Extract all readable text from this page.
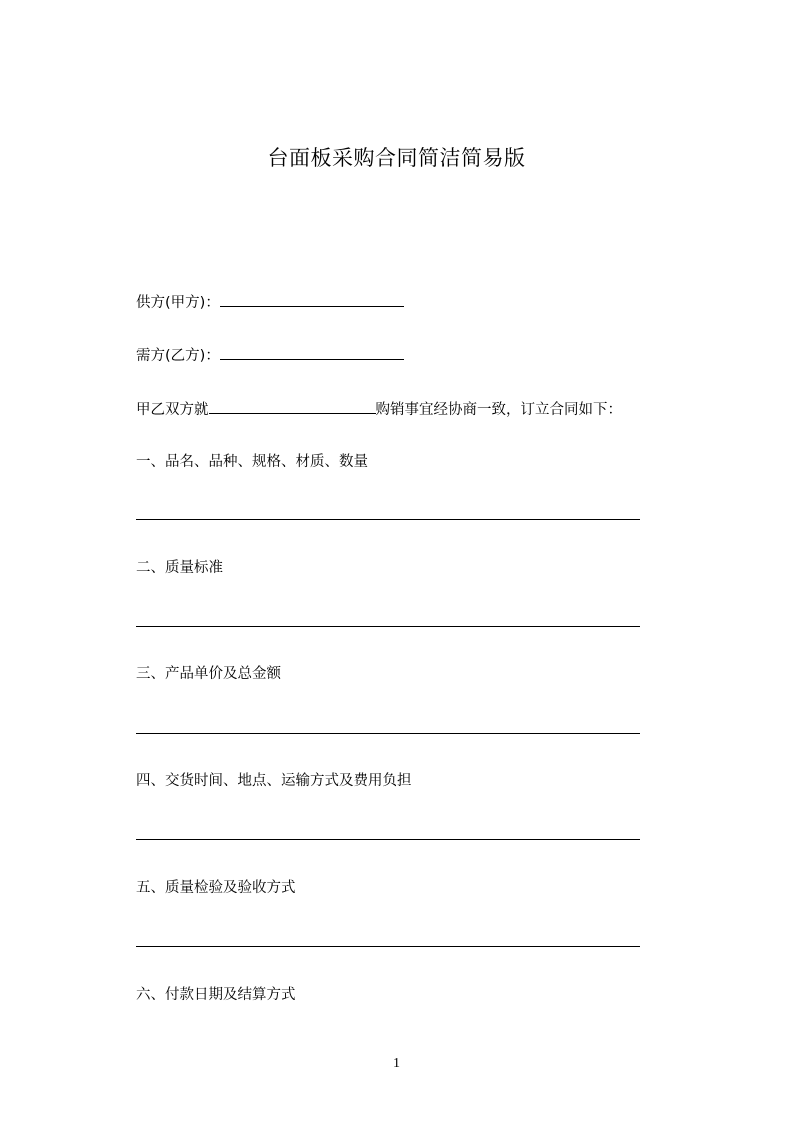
台面板采购合同简洁简易版
供方(甲方)：
需方(乙方)：
甲乙双方就	购销事宜经协商一致，订立合同如下：
一、品名、品种、规格、材质、数量
二、质量标准
三、产品单价及总金额
四、交货时间、地点、运输方式及费用负担
五、质量检验及验收方式
六、付款日期及结算方式
1
